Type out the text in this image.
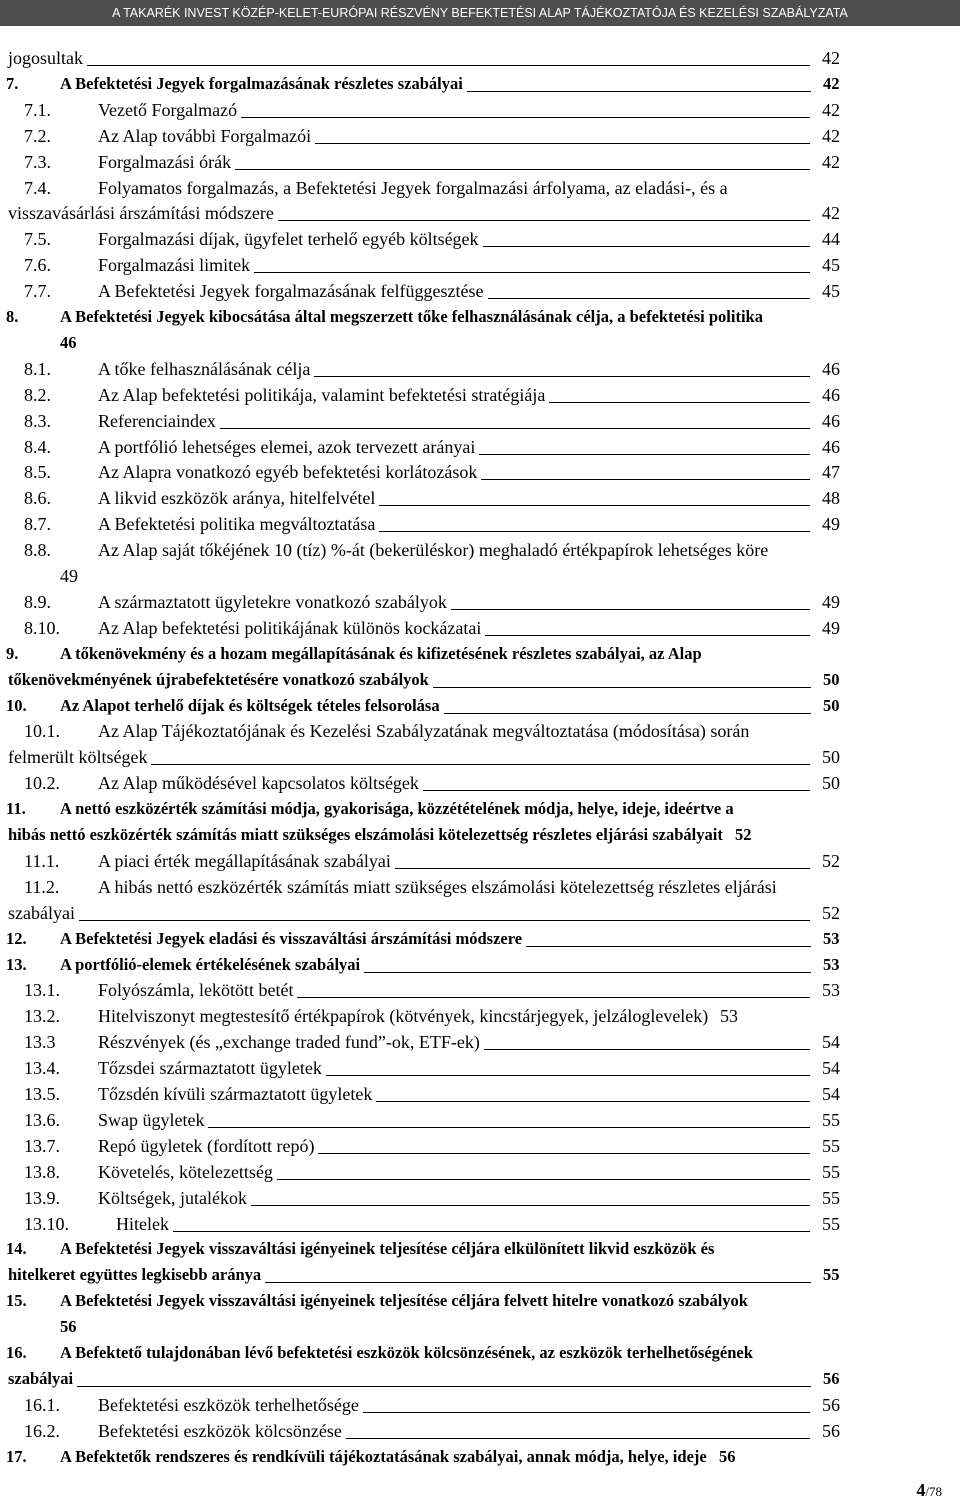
A TAKARÉK INVEST KÖZÉP-KELET-EURÓPAI RÉSZVÉNY BEFEKTETÉSI ALAP TÁJÉKOZTATÓJA ÉS KEZELÉSI SZABÁLYZATA
jogosultak	42
7.	A Befektetési Jegyek forgalmazásának részletes szabályai	42
7.1.	Vezető Forgalmazó	42
7.2.	Az Alap további Forgalmazói	42
7.3.	Forgalmazási órák	42
7.4.	Folyamatos forgalmazás, a Befektetési Jegyek forgalmazási árfolyama, az eladási-, és a
visszavásárlási árszámítási módszere	42
7.5.	Forgalmazási díjak, ügyfelet terhelő egyéb költségek	44
7.6.	Forgalmazási limitek	45
7.7.	A Befektetési Jegyek forgalmazásának felfüggesztése	45
8.	A Befektetési Jegyek kibocsátása által megszerzett tőke felhasználásának célja, a befektetési politika
46
8.1.	A tőke felhasználásának célja	46
8.2.	Az Alap befektetési politikája, valamint befektetési stratégiája	46
8.3.	Referenciaindex	46
8.4.	A portfólió lehetséges elemei, azok tervezett arányai	46
8.5.	Az Alapra vonatkozó egyéb befektetési korlátozások	47
8.6.	A likvid eszközök aránya, hitelfelvétel	48
8.7.	A Befektetési politika megváltoztatása	49
8.8.	Az Alap saját tőkéjének 10 (tíz) %-át (bekerüléskor) meghaladó értékpapírok lehetséges köre
49
8.9.	A származtatott ügyletekre vonatkozó szabályok	49
8.10. Az Alap befektetési politikájának különös kockázatai	49
9.	A tőkenövekmény és a hozam megállapításának és kifizetésének részletes szabályai, az Alap
tőkenövekményének újrabefektetésére vonatkozó szabályok	50
10. Az Alapot terhelő díjak és költségek tételes felsorolása	50
10.1. Az Alap Tájékoztatójának és Kezelési Szabályzatának megváltoztatása (módosítása) során
felmerült költségek	50
10.2. Az Alap működésével kapcsolatos költségek	50
11. A nettó eszközérték számítási módja, gyakorisága, közzétételének módja, helye, ideje, ideértve a
hibás nettó eszközérték számítás miatt szükséges elszámolási kötelezettség részletes eljárási szabályait 52
11.1. A piaci érték megállapításának szabályai	52
11.2. A hibás nettó eszközérték számítás miatt szükséges elszámolási kötelezettség részletes eljárási
szabályai	52
12. A Befektetési Jegyek eladási és visszaváltási árszámítási módszere	53
13. A portfólió-elemek értékelésének szabályai	53
13.1. Folyószámla, lekötött betét	53
13.2. Hitelviszonyt megtestesítő értékpapírok (kötvények, kincstárjegyek, jelzáloglevelek) 53
13.3 Részvények (és „exchange traded fund”-ok, ETF-ek)	54
13.4. Tőzsdei származtatott ügyletek	54
13.5. Tőzsdén kívüli származtatott ügyletek	54
13.6. Swap ügyletek	55
13.7. Repó ügyletek (fordított repó)	55
13.8. Követelés, kötelezettség	55
13.9. Költségek, jutalékok	55
13.10.	Hitelek	55
14. A Befektetési Jegyek visszaváltási igényeinek teljesítése céljára elkülönített likvid eszközök és
hitelkeret együttes legkisebb aránya	55
15. A Befektetési Jegyek visszaváltási igényeinek teljesítése céljára felvett hitelre vonatkozó szabályok
56
16. A Befektető tulajdonában lévő befektetési eszközök kölcsönzésének, az eszközök terhelhetőségének
szabályai	56
16.1. Befektetési eszközök terhelhetősége	56
16.2. Befektetési eszközök kölcsönzése	56
17. A Befektetők rendszeres és rendkívüli tájékoztatásának szabályai, annak módja, helye, ideje 56
4/78
